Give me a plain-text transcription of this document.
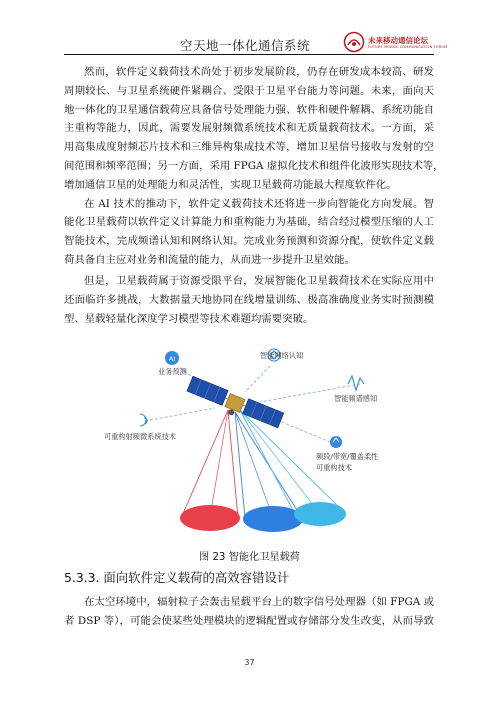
空天地一体化通信系统	未来移动通信论坛
FUTURE MOBILE COMMUNICATION FORUM
然而，软件定义载荷技术尚处于初步发展阶段，仍存在研发成本较高、研发
周期较长、与卫星系统硬件紧耦合、受限于卫星平台能力等问题。未来，面向天
地一体化的卫星通信载荷应具备信号处理能力强、软件和硬件解耦、系统功能自
主重构等能力，因此，需要发展射频微系统技术和无质量载荷技术。一方面，采
用高集成度射频芯片技术和三维异构集成技术等，增加卫星信号接收与发射的空
间范围和频率范围；另一方面，采用 FPGA 虚拟化技术和组件化波形实现技术等，
增加通信卫星的处理能力和灵活性，实现卫星载荷功能最大程度软件化。
在 AI 技术的推动下，软件定义载荷技术还将进一步向智能化方向发展。智
能化卫星载荷以软件定义计算能力和重构能力为基础，结合经过模型压缩的人工
智能技术，完成频谱认知和网络认知。完成业务预测和资源分配，使软件定义载
荷具备自主应对业务和流量的能力，从而进一步提升卫星效能。
但是，卫星载荷属于资源受限平台，发展智能化卫星载荷技术在实际应用中
还面临许多挑战，大数据量天地协同在线增量训练、极高准确度业务实时预测模
型、星载轻量化深度学习模型等技术难题均需要突破。
AI
业务预测
智能网络认知
智能频谱感知
可重构射频微系统技术
频段/带宽/覆盖柔性
可重构技术
图 23 智能化卫星载荷
5.3.3. 面向软件定义载荷的高效容错设计
在太空环境中，辐射粒子会轰击星载平台上的数字信号处理器（如 FPGA 或
者 DSP 等），可能会使某些处理模块的逻辑配置或存储部分发生改变，从而导致
37
